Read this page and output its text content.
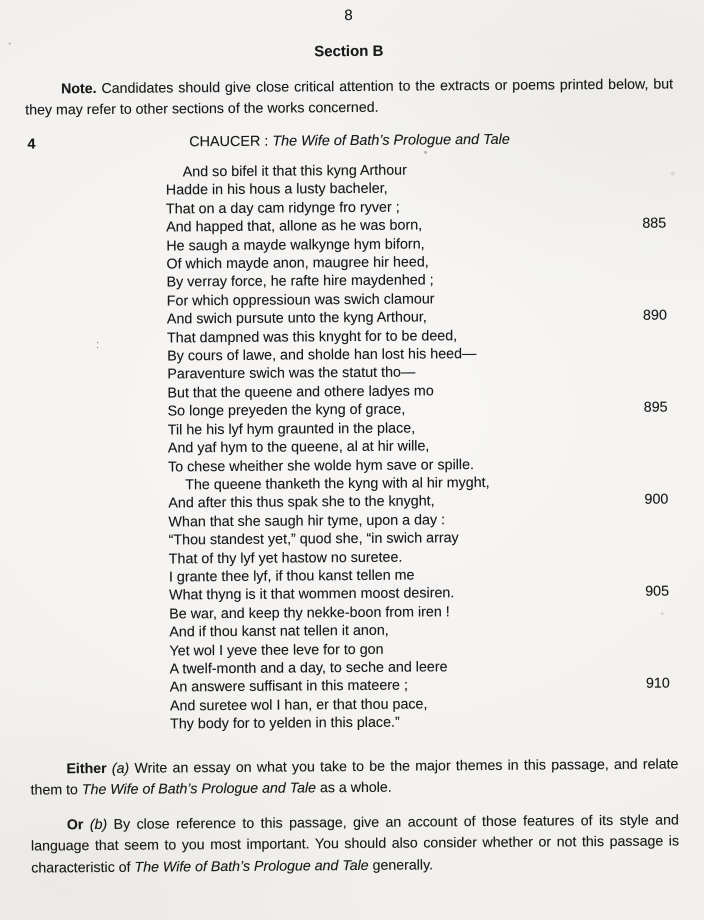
8

Section B

Note. Candidates should give close critical attention to the extracts or poems printed below, but they may refer to other sections of the works concerned.

4	CHAUCER : The Wife of Bath’s Prologue and Tale
And so bifel it that this kyng Arthour
Hadde in his hous a lusty bacheler,
That on a day cam ridynge fro ryver ;
And happed that, allone as he was born,	885
He saugh a mayde walkynge hym biforn,
Of which mayde anon, maugree hir heed,
By verray force, he rafte hire maydenhed ;
For which oppressioun was swich clamour
And swich pursute unto the kyng Arthour,	890
That dampned was this knyght for to be deed,
By cours of lawe, and sholde han lost his heed—
Paraventure swich was the statut tho—
But that the queene and othere ladyes mo
So longe preyeden the kyng of grace,	895
Til he his lyf hym graunted in the place,
And yaf hym to the queene, al at hir wille,
To chese wheither she wolde hym save or spille.
The queene thanketh the kyng with al hir myght,
And after this thus spak she to the knyght,	900
Whan that she saugh hir tyme, upon a day :
“Thou standest yet,” quod she, “in swich array
That of thy lyf yet hastow no suretee.
I grante thee lyf, if thou kanst tellen me
What thyng is it that wommen moost desiren.	905
Be war, and keep thy nekke-boon from iren !
And if thou kanst nat tellen it anon,
Yet wol I yeve thee leve for to gon
A twelf-month and a day, to seche and leere
An answere suffisant in this mateere ;	910
And suretee wol I han, er that thou pace,
Thy body for to yelden in this place.”

Either (a) Write an essay on what you take to be the major themes in this passage, and relate them to The Wife of Bath’s Prologue and Tale as a whole.

Or (b) By close reference to this passage, give an account of those features of its style and language that seem to you most important. You should also consider whether or not this passage is characteristic of The Wife of Bath’s Prologue and Tale generally.

ː
